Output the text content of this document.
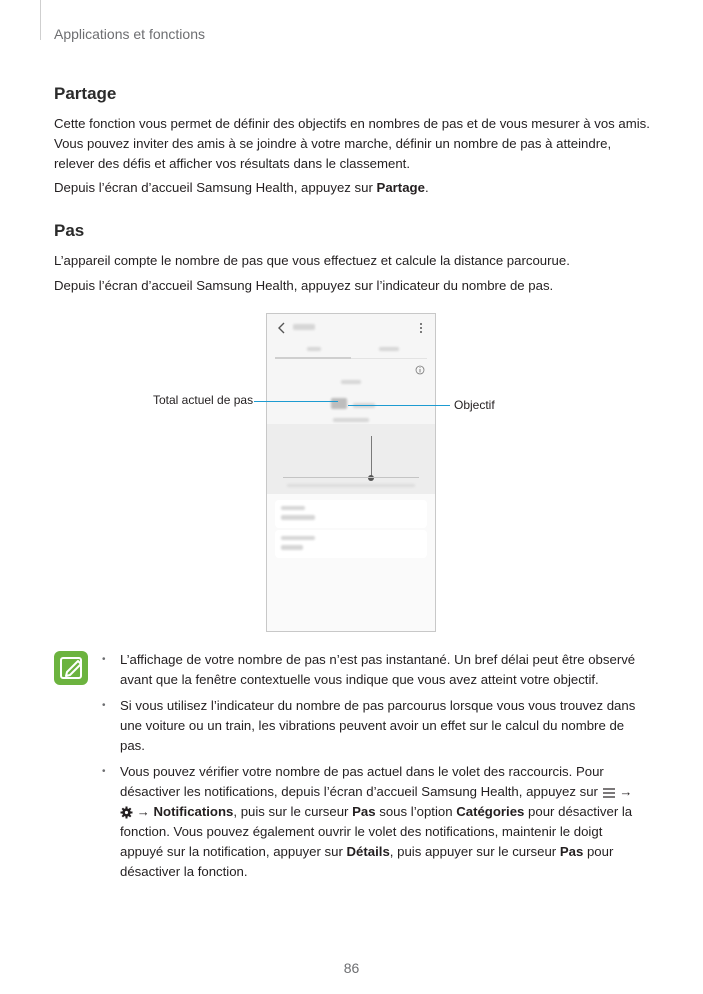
Applications et fonctions
Partage

Cette fonction vous permet de définir des objectifs en nombres de pas et de vous mesurer à vos amis. Vous pouvez inviter des amis à se joindre à votre marche, définir un nombre de pas à atteindre, relever des défis et afficher vos résultats dans le classement.

Depuis l’écran d’accueil Samsung Health, appuyez sur Partage.

Pas

L’appareil compte le nombre de pas que vous effectuez et calcule la distance parcourue.

Depuis l’écran d’accueil Samsung Health, appuyez sur l’indicateur du nombre de pas.

Total actuel de pas	Objectif
• L’affichage de votre nombre de pas n’est pas instantané. Un bref délai peut être observé avant que la fenêtre contextuelle vous indique que vous avez atteint votre objectif.
• Si vous utilisez l’indicateur du nombre de pas parcourus lorsque vous vous trouvez dans une voiture ou un train, les vibrations peuvent avoir un effet sur le calcul du nombre de pas.
• Vous pouvez vérifier votre nombre de pas actuel dans le volet des raccourcis. Pour désactiver les notifications, depuis l’écran d’accueil Samsung Health, appuyez sur  →  → Notifications, puis sur le curseur Pas sous l’option Catégories pour désactiver la fonction. Vous pouvez également ouvrir le volet des notifications, maintenir le doigt appuyé sur la notification, appuyer sur Détails, puis appuyer sur le curseur Pas pour désactiver la fonction.
86
